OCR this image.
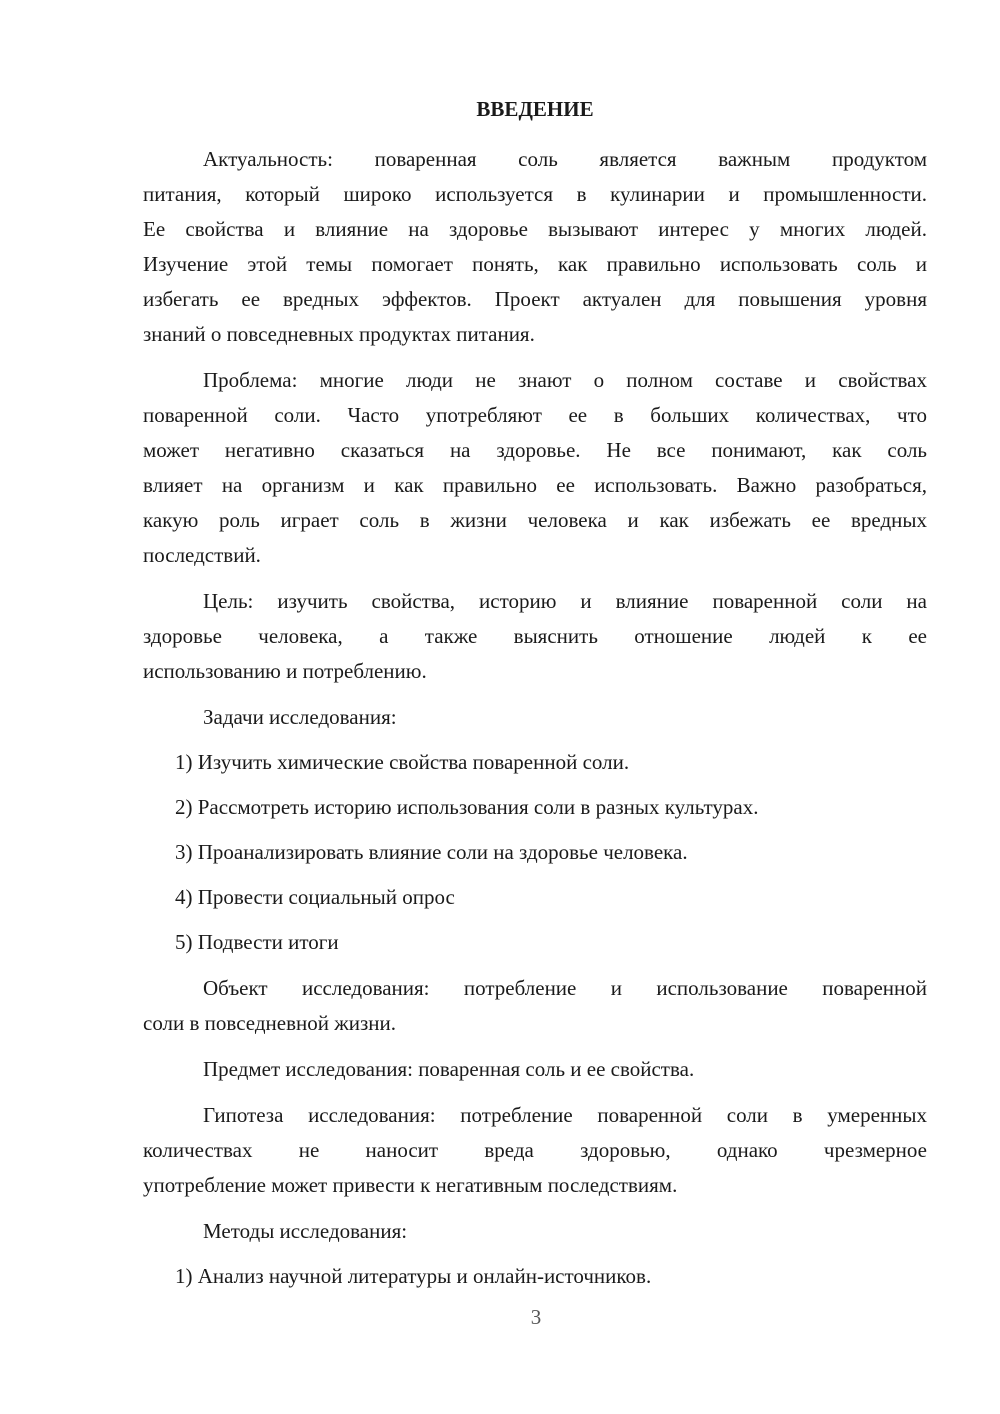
ВВЕДЕНИЕ
Актуальность: поваренная соль является важным продуктом
питания, который широко используется в кулинарии и промышленности.
Ее свойства и влияние на здоровье вызывают интерес у многих людей.
Изучение этой темы помогает понять, как правильно использовать соль и
избегать ее вредных эффектов. Проект актуален для повышения уровня
знаний о повседневных продуктах питания.
Проблема: многие люди не знают о полном составе и свойствах
поваренной соли. Часто употребляют ее в больших количествах, что
может негативно сказаться на здоровье. Не все понимают, как соль
влияет на организм и как правильно ее использовать. Важно разобраться,
какую роль играет соль в жизни человека и как избежать ее вредных
последствий.
Цель: изучить свойства, историю и влияние поваренной соли на
здоровье человека, а также выяснить отношение людей к ее
использованию и потреблению.
Задачи исследования:
1) Изучить химические свойства поваренной соли.
2) Рассмотреть историю использования соли в разных культурах.
3) Проанализировать влияние соли на здоровье человека.
4) Провести социальный опрос
5) Подвести итоги
Объект исследования: потребление и использование поваренной
соли в повседневной жизни.
Предмет исследования: поваренная соль и ее свойства.
Гипотеза исследования: потребление поваренной соли в умеренных
количествах не наносит вреда здоровью, однако чрезмерное
употребление может привести к негативным последствиям.
Методы исследования:
1) Анализ научной литературы и онлайн-источников.
3
